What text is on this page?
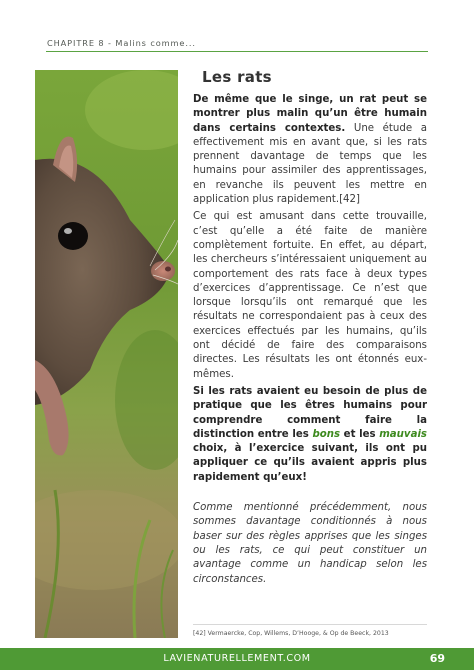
CHAPITRE 8 - Malins comme...
Les rats

De même que le singe, un rat peut se montrer plus malin qu’un être humain dans certains contextes. Une étude a effectivement mis en avant que, si les rats prennent davantage de temps que les humains pour assimiler des apprentissages, en revanche ils peuvent les mettre en application plus rapidement.[42]

Ce qui est amusant dans cette trouvaille, c’est qu’elle a été faite de manière complètement fortuite. En effet, au départ, les chercheurs s’intéressaient uniquement au comportement des rats face à deux types d’exercices d’apprentissage. Ce n’est que lorsque lorsqu’ils ont remarqué que les résultats ne correspondaient pas à ceux des exercices effectués par les humains, qu’ils ont décidé de faire des comparaisons directes. Les résultats les ont étonnés eux-mêmes.

Si les rats avaient eu besoin de plus de pratique que les êtres humains pour comprendre comment faire la distinction entre les bons et les mauvais choix, à l’exercice suivant, ils ont pu appliquer ce qu’ils avaient appris plus rapidement qu’eux!

Comme mentionné précédemment, nous sommes davantage conditionnés à nous baser sur des règles apprises que les singes ou les rats, ce qui peut constituer un avantage comme un handicap selon les circonstances.

[42] Vermaercke, Cop, Willems, D’Hooge, & Op de Beeck, 2013
LAVIENATURELLEMENT.COM	69
